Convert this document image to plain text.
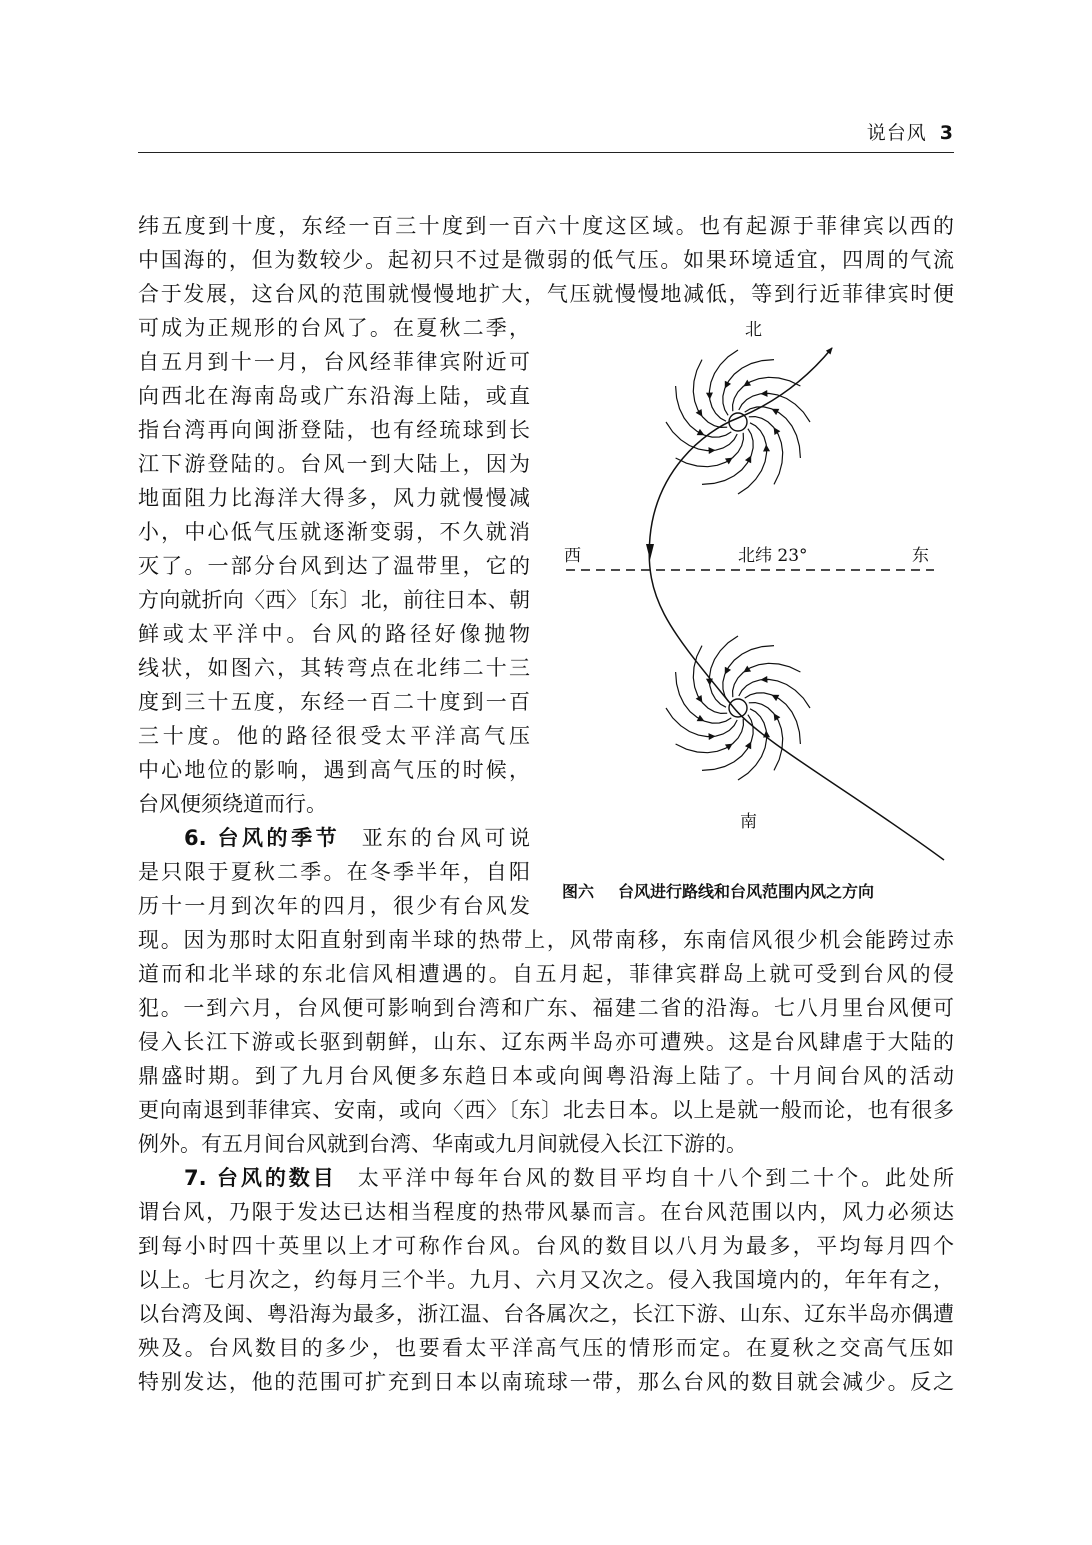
说台风 3
纬五度到十度，东经一百三十度到一百六十度这区域。也有起源于菲律宾以西的
中国海的，但为数较少。起初只不过是微弱的低气压。如果环境适宜，四周的气流
合于发展，这台风的范围就慢慢地扩大，气压就慢慢地减低，等到行近菲律宾时便
可成为正规形的台风了。在夏秋二季，
自五月到十一月，台风经菲律宾附近可
向西北在海南岛或广东沿海上陆，或直
指台湾再向闽浙登陆，也有经琉球到长
江下游登陆的。台风一到大陆上，因为
地面阻力比海洋大得多，风力就慢慢减
小，中心低气压就逐渐变弱，不久就消
灭了。一部分台风到达了温带里，它的
方向就折向〈西〉〔东〕北，前往日本、朝
鲜或太平洋中。台风的路径好像抛物
线状，如图六，其转弯点在北纬二十三
度到三十五度，东经一百二十度到一百
三十度。他的路径很受太平洋高气压
中心地位的影响，遇到高气压的时候，
台风便须绕道而行。
6. 台风的季节 亚东的台风可说
是只限于夏秋二季。在冬季半年，自阳
历十一月到次年的四月，很少有台风发
现。因为那时太阳直射到南半球的热带上，风带南移，东南信风很少机会能跨过赤
道而和北半球的东北信风相遭遇的。自五月起，菲律宾群岛上就可受到台风的侵
犯。一到六月，台风便可影响到台湾和广东、福建二省的沿海。七八月里台风便可
侵入长江下游或长驱到朝鲜，山东、辽东两半岛亦可遭殃。这是台风肆虐于大陆的
鼎盛时期。到了九月台风便多东趋日本或向闽粤沿海上陆了。十月间台风的活动
更向南退到菲律宾、安南，或向〈西〉〔东〕北去日本。以上是就一般而论，也有很多
例外。有五月间台风就到台湾、华南或九月间就侵入长江下游的。
7. 台风的数目 太平洋中每年台风的数目平均自十八个到二十个。此处所
谓台风，乃限于发达已达相当程度的热带风暴而言。在台风范围以内，风力必须达
到每小时四十英里以上才可称作台风。台风的数目以八月为最多，平均每月四个
以上。七月次之，约每月三个半。九月、六月又次之。侵入我国境内的，年年有之，
以台湾及闽、粤沿海为最多，浙江温、台各属次之，长江下游、山东、辽东半岛亦偶遭
殃及。台风数目的多少，也要看太平洋高气压的情形而定。在夏秋之交高气压如
特别发达，他的范围可扩充到日本以南琉球一带，那么台风的数目就会减少。反之
北
西	北纬 23°	东
南
图六 台风进行路线和台风范围内风之方向
